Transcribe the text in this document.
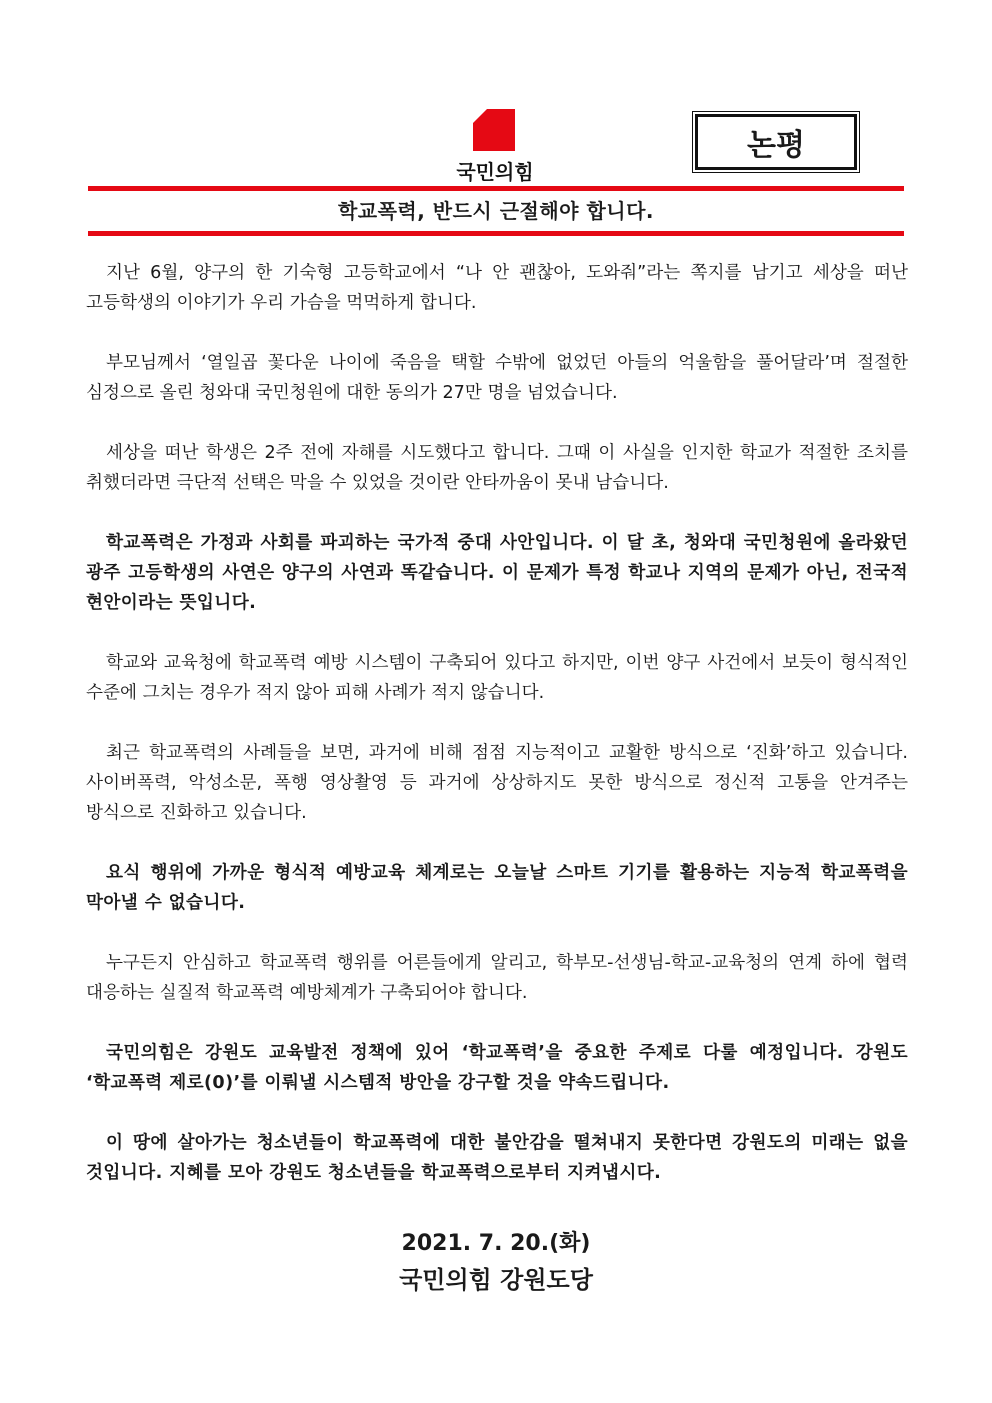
국민의힘
논평
학교폭력, 반드시 근절해야 합니다.

지난 6월, 양구의 한 기숙형 고등학교에서 “나 안 괜찮아, 도와줘”라는 쪽지를 남기고 세상을 떠난 고등학생의 이야기가 우리 가슴을 먹먹하게 합니다.

부모님께서 ‘열일곱 꽃다운 나이에 죽음을 택할 수밖에 없었던 아들의 억울함을 풀어달라’며 절절한 심정으로 올린 청와대 국민청원에 대한 동의가 27만 명을 넘었습니다.

세상을 떠난 학생은 2주 전에 자해를 시도했다고 합니다. 그때 이 사실을 인지한 학교가 적절한 조치를 취했더라면 극단적 선택은 막을 수 있었을 것이란 안타까움이 못내 남습니다.

학교폭력은 가정과 사회를 파괴하는 국가적 중대 사안입니다. 이 달 초, 청와대 국민청원에 올라왔던 광주 고등학생의 사연은 양구의 사연과 똑같습니다. 이 문제가 특정 학교나 지역의 문제가 아닌, 전국적 현안이라는 뜻입니다.

학교와 교육청에 학교폭력 예방 시스템이 구축되어 있다고 하지만, 이번 양구 사건에서 보듯이 형식적인 수준에 그치는 경우가 적지 않아 피해 사례가 적지 않습니다.

최근 학교폭력의 사례들을 보면, 과거에 비해 점점 지능적이고 교활한 방식으로 ‘진화’하고 있습니다. 사이버폭력, 악성소문, 폭행 영상촬영 등 과거에 상상하지도 못한 방식으로 정신적 고통을 안겨주는 방식으로 진화하고 있습니다.

요식 행위에 가까운 형식적 예방교육 체계로는 오늘날 스마트 기기를 활용하는 지능적 학교폭력을 막아낼 수 없습니다.

누구든지 안심하고 학교폭력 행위를 어른들에게 알리고, 학부모-선생님-학교-교육청의 연계 하에 협력 대응하는 실질적 학교폭력 예방체계가 구축되어야 합니다.

국민의힘은 강원도 교육발전 정책에 있어 ‘학교폭력’을 중요한 주제로 다룰 예정입니다. 강원도 ‘학교폭력 제로(0)’를 이뤄낼 시스템적 방안을 강구할 것을 약속드립니다.

이 땅에 살아가는 청소년들이 학교폭력에 대한 불안감을 떨쳐내지 못한다면 강원도의 미래는 없을 것입니다. 지혜를 모아 강원도 청소년들을 학교폭력으로부터 지켜냅시다.

2021. 7. 20.(화)
국민의힘 강원도당
